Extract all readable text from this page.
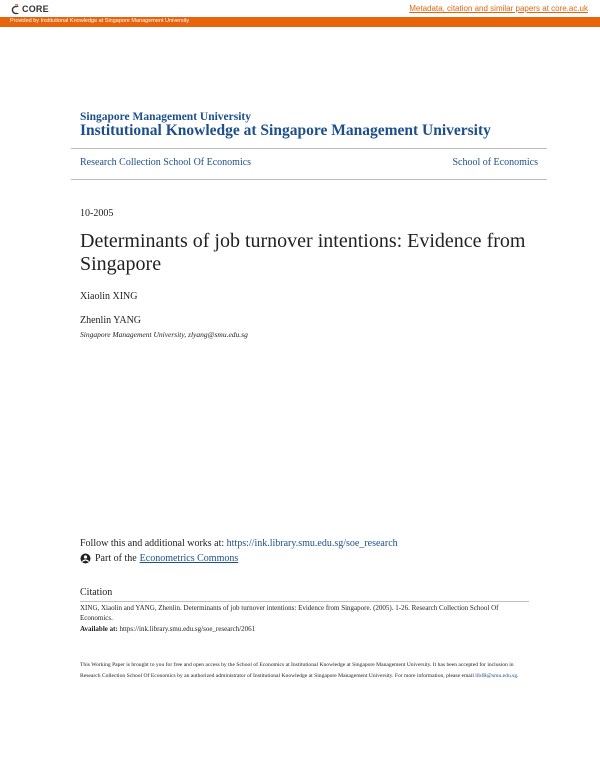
CORE	Metadata, citation and similar papers at core.ac.uk
Provided by Institutional Knowledge at Singapore Management University
Singapore Management University
Institutional Knowledge at Singapore Management University
Research Collection School Of Economics	School of Economics
10-2005
Determinants of job turnover intentions: Evidence from Singapore
Xiaolin XING
Zhenlin YANG
Singapore Management University, zlyang@smu.edu.sg
Follow this and additional works at: https://ink.library.smu.edu.sg/soe_research
Part of the Econometrics Commons
Citation
XING, Xiaolin and YANG, Zhenlin. Determinants of job turnover intentions: Evidence from Singapore. (2005). 1-26. Research Collection School Of Economics.
Available at: https://ink.library.smu.edu.sg/soe_research/2061
This Working Paper is brought to you for free and open access by the School of Economics at Institutional Knowledge at Singapore Management University. It has been accepted for inclusion in Research Collection School Of Economics by an authorized administrator of Institutional Knowledge at Singapore Management University. For more information, please email libIR@smu.edu.sg.
